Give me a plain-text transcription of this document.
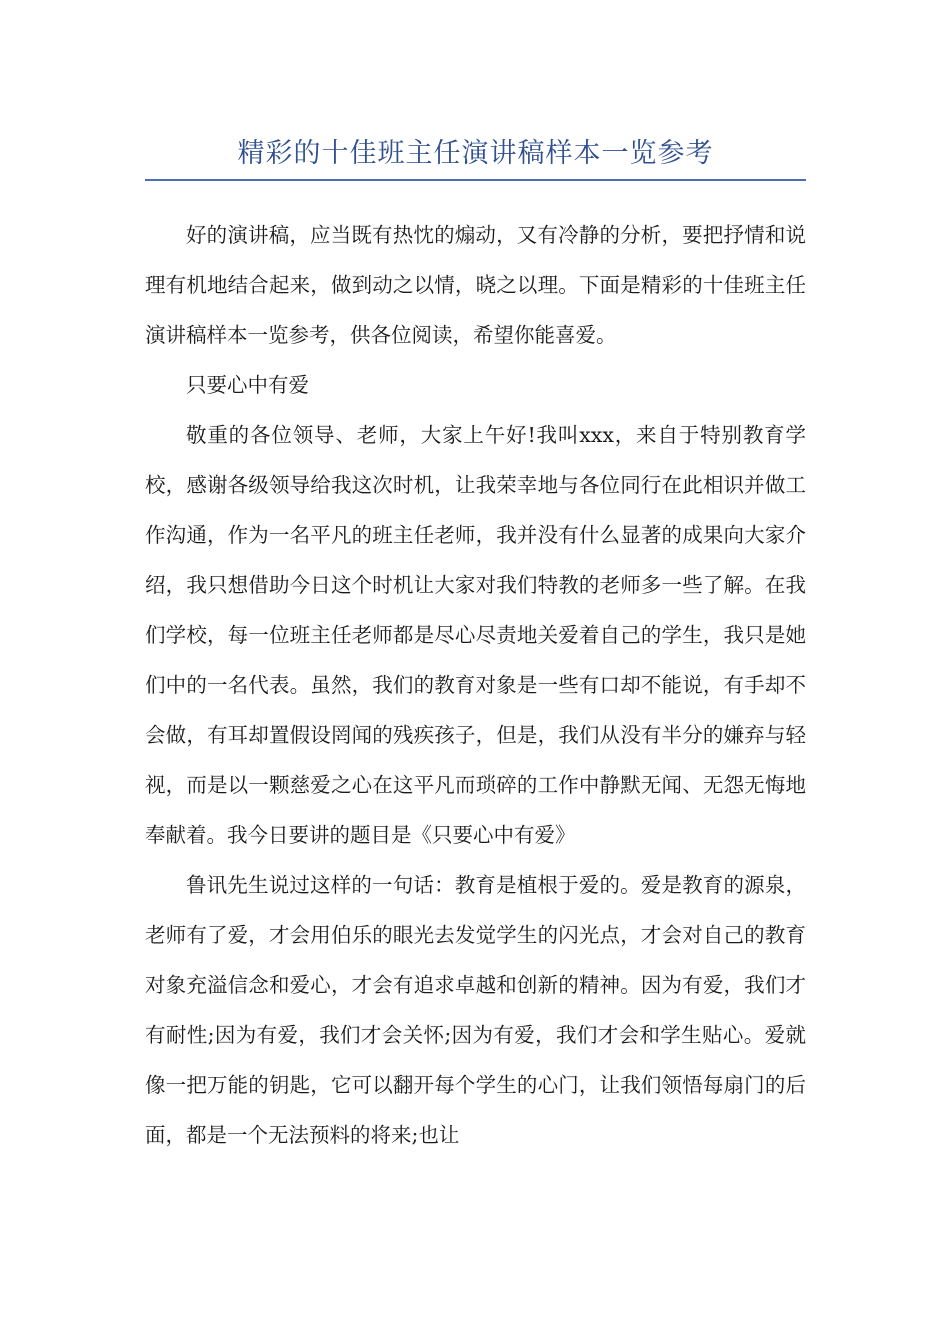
精彩的十佳班主任演讲稿样本一览参考

好的演讲稿，应当既有热忱的煽动，又有冷静的分析，要把抒情和说理有机地结合起来，做到动之以情，晓之以理。下面是精彩的十佳班主任演讲稿样本一览参考，供各位阅读，希望你能喜爱。

只要心中有爱

敬重的各位领导、老师，大家上午好!我叫xxx，来自于特别教育学校，感谢各级领导给我这次时机，让我荣幸地与各位同行在此相识并做工作沟通，作为一名平凡的班主任老师，我并没有什么显著的成果向大家介绍，我只想借助今日这个时机让大家对我们特教的老师多一些了解。在我们学校，每一位班主任老师都是尽心尽责地关爱着自己的学生，我只是她们中的一名代表。虽然，我们的教育对象是一些有口却不能说，有手却不会做，有耳却置假设罔闻的残疾孩子，但是，我们从没有半分的嫌弃与轻视，而是以一颗慈爱之心在这平凡而琐碎的工作中静默无闻、无怨无悔地奉献着。我今日要讲的题目是《只要心中有爱》

鲁讯先生说过这样的一句话：教育是植根于爱的。爱是教育的源泉，老师有了爱，才会用伯乐的眼光去发觉学生的闪光点，才会对自己的教育对象充溢信念和爱心，才会有追求卓越和创新的精神。因为有爱，我们才有耐性;因为有爱，我们才会关怀;因为有爱，我们才会和学生贴心。爱就像一把万能的钥匙，它可以翻开每个学生的心门，让我们领悟每扇门的后面，都是一个无法预料的将来;也让
